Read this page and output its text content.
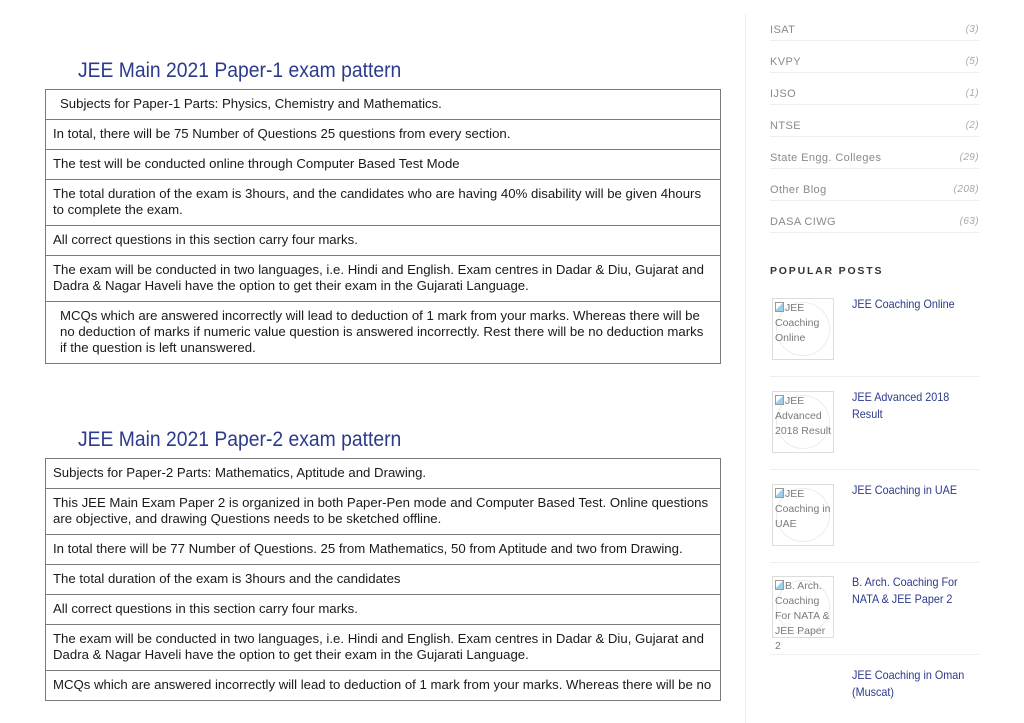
JEE Main 2021 Paper-1 exam pattern
Subjects for Paper-1 Parts: Physics, Chemistry and Mathematics.
In total, there will be 75 Number of Questions 25 questions from every section.
The test will be conducted online through Computer Based Test Mode
The total duration of the exam is 3hours, and the candidates who are having 40% disability will be given 4hours to complete the exam.
All correct questions in this section carry four marks.
The exam will be conducted in two languages, i.e. Hindi and English. Exam centres in Dadar & Diu, Gujarat and Dadra & Nagar Haveli have the option to get their exam in the Gujarati Language.
MCQs which are answered incorrectly will lead to deduction of 1 mark from your marks. Whereas there will be no deduction of marks if numeric value question is answered incorrectly. Rest there will be no deduction marks if the question is left unanswered.
JEE Main 2021 Paper-2 exam pattern
Subjects for Paper-2 Parts: Mathematics, Aptitude and Drawing.
This JEE Main Exam Paper 2 is organized in both Paper-Pen mode and Computer Based Test. Online questions are objective, and drawing Questions needs to be sketched offline.
In total there will be 77 Number of Questions. 25 from Mathematics, 50 from Aptitude and two from Drawing.
The total duration of the exam is 3hours and the candidates
All correct questions in this section carry four marks.
The exam will be conducted in two languages, i.e. Hindi and English. Exam centres in Dadar & Diu, Gujarat and Dadra & Nagar Haveli have the option to get their exam in the Gujarati Language.
MCQs which are answered incorrectly will lead to deduction of 1 mark from your marks. Whereas there will be no
ISAT	(3)
KVPY	(5)
IJSO	(1)
NTSE	(2)
State Engg. Colleges	(29)
Other Blog	(208)
DASA CIWG	(63)
POPULAR POSTS
JEE Coaching Online
JEE Coaching Online
JEE Advanced 2018 Result
JEE Advanced 2018 Result
JEE Coaching in UAE
JEE Coaching in UAE
B. Arch. Coaching For NATA & JEE Paper 2
B. Arch. Coaching For NATA & JEE Paper 2
JEE Coaching in Oman (Muscat)
